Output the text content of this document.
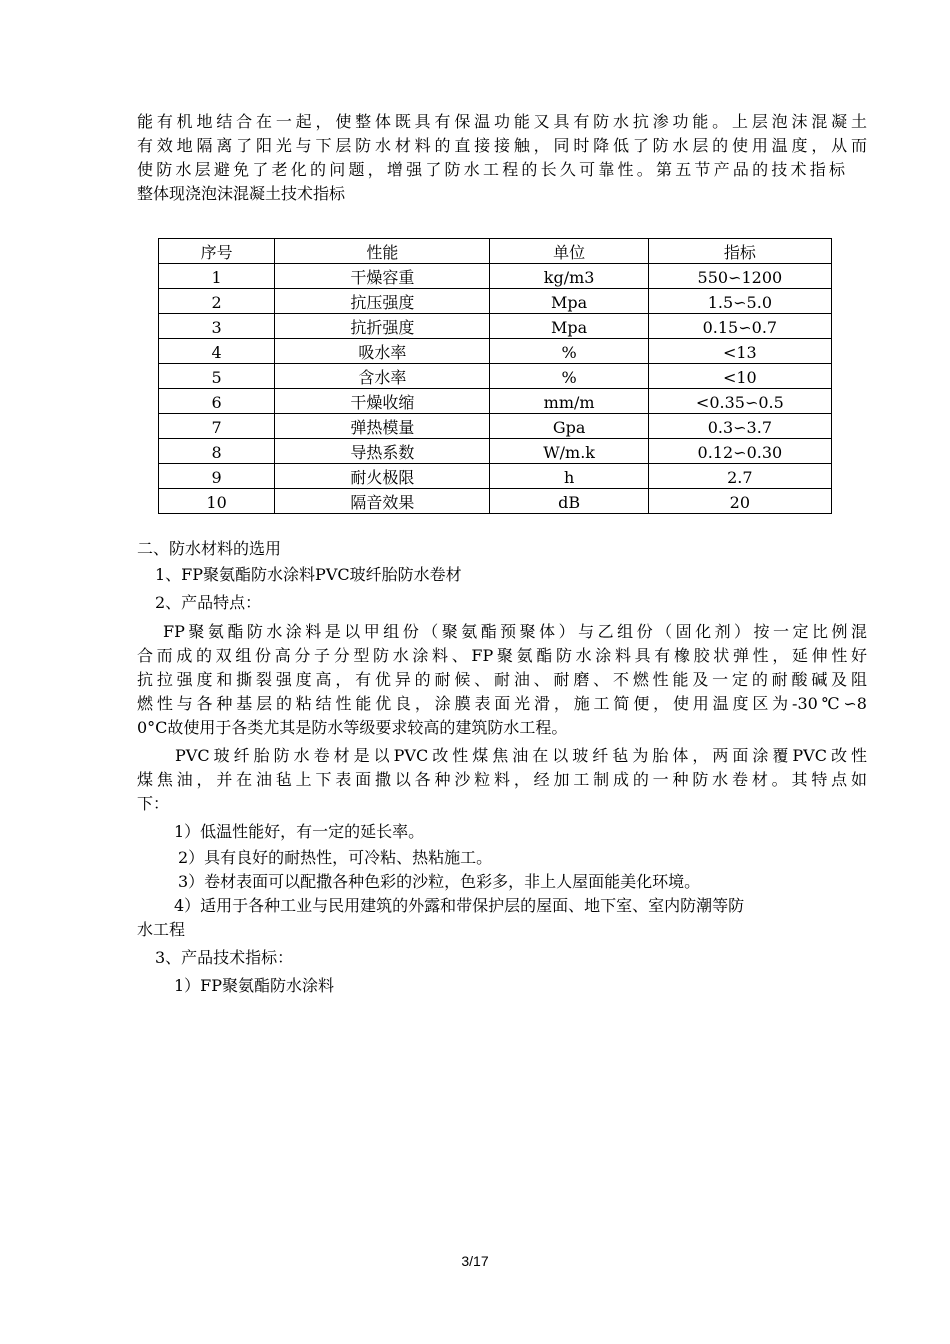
能有机地结合在一起，使整体既具有保温功能又具有防水抗渗功能。上层泡沫混凝土
有效地隔离了阳光与下层防水材料的直接接触，同时降低了防水层的使用温度，从而
使防水层避免了老化的问题，增强了防水工程的长久可靠性。第五节产品的技术指标
整体现浇泡沫混凝土技术指标
序号	性能	单位	指标
1	干燥容重	kg/m3	550∽1200
2	抗压强度	Mpa	1.5∽5.0
3	抗折强度	Mpa	0.15∽0.7
4	吸水率	%	<13
5	含水率	%	<10
6	干燥收缩	mm/m	<0.35∽0.5
7	弹热模量	Gpa	0.3∽3.7
8	导热系数	W/m.k	0.12∽0.30
9	耐火极限	h	2.7
10	隔音效果	dB	20

二、防水材料的选用

1、FP聚氨酯防水涂料PVC玻纤胎防水卷材

2、产品特点：

FP聚氨酯防水涂料是以甲组份（聚氨酯预聚体）与乙组份（固化剂）按一定比例混
合而成的双组份高分子分型防水涂料、FP聚氨酯防水涂料具有橡胶状弹性，延伸性好
抗拉强度和撕裂强度高，有优异的耐候、耐油、耐磨、不燃性能及一定的耐酸碱及阻
燃性与各种基层的粘结性能优良，涂膜表面光滑，施工简便，使用温度区为-30℃∽8
0°C故使用于各类尤其是防水等级要求较高的建筑防水工程。
PVC玻纤胎防水卷材是以PVC改性煤焦油在以玻纤毡为胎体，两面涂覆PVC改性
煤焦油，并在油毡上下表面撒以各种沙粒料，经加工制成的一种防水卷材。其特点如
下：

1）低温性能好，有一定的延长率。

2）具有良好的耐热性，可冷粘、热粘施工。

3）卷材表面可以配撒各种色彩的沙粒，色彩多，非上人屋面能美化环境。

4）适用于各种工业与民用建筑的外露和带保护层的屋面、地下室、室内防潮等防

水工程

3、产品技术指标：

1）FP聚氨酯防水涂料

3/17
